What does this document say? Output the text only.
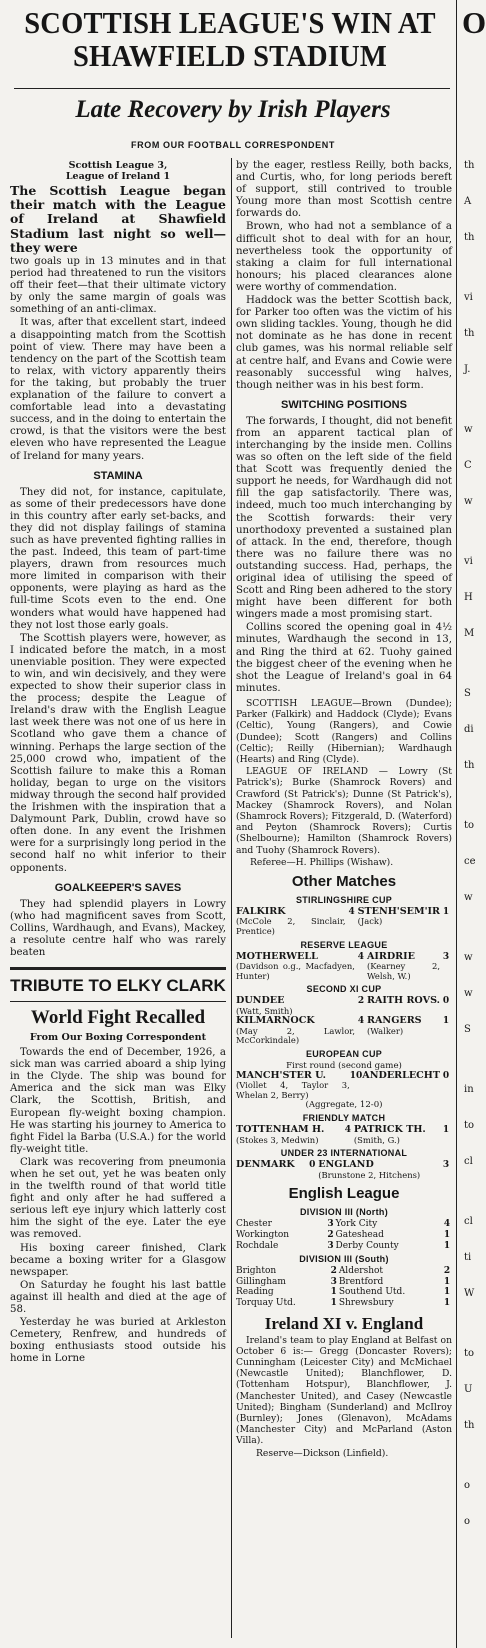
SCOTTISH LEAGUE'S WIN AT
SHAWFIELD STADIUM
Late Recovery by Irish Players
FROM OUR FOOTBALL CORRESPONDENT
Scottish League 3,
League of Ireland 1

The Scottish League began their match with the League of Ireland at Shawfield Stadium last night so well—they were

two goals up in 13 minutes and in that period had threatened to run the visitors off their feet—that their ultimate victory by only the same margin of goals was something of an anti-climax.

It was, after that excellent start, indeed a disappointing match from the Scottish point of view. There may have been a tendency on the part of the Scottish team to relax, with victory apparently theirs for the taking, but probably the truer explanation of the failure to convert a comfortable lead into a devastating success, and in the doing to entertain the crowd, is that the visitors were the best eleven who have represented the League of Ireland for many years.

STAMINA

They did not, for instance, capitulate, as some of their predecessors have done in this country after early set-backs, and they did not display failings of stamina such as have prevented fighting rallies in the past. Indeed, this team of part-time players, drawn from resources much more limited in comparison with their opponents, were playing as hard as the full-time Scots even to the end. One wonders what would have happened had they not lost those early goals.

The Scottish players were, however, as I indicated before the match, in a most unenviable position. They were expected to win, and win decisively, and they were expected to show their superior class in the process; despite the League of Ireland's draw with the English League last week there was not one of us here in Scotland who gave them a chance of winning. Perhaps the large section of the 25,000 crowd who, impatient of the Scottish failure to make this a Roman holiday, began to urge on the visitors midway through the second half provided the Irishmen with the inspiration that a Dalymount Park, Dublin, crowd have so often done. In any event the Irishmen were for a surprisingly long period in the second half no whit inferior to their opponents.

GOALKEEPER'S SAVES

They had splendid players in Lowry (who had magnificent saves from Scott, Collins, Wardhaugh, and Evans), Mackey, a resolute centre half who was rarely beaten

TRIBUTE TO ELKY CLARK
World Fight Recalled
From Our Boxing Correspondent

Towards the end of December, 1926, a sick man was carried aboard a ship lying in the Clyde. The ship was bound for America and the sick man was Elky Clark, the Scottish, British, and European fly-weight boxing champion. He was starting his journey to America to fight Fidel la Barba (U.S.A.) for the world fly-weight title.

Clark was recovering from pneumonia when he set out, yet he was beaten only in the twelfth round of that world title fight and only after he had suffered a serious left eye injury which latterly cost him the sight of the eye. Later the eye was removed.

His boxing career finished, Clark became a boxing writer for a Glasgow newspaper.

On Saturday he fought his last battle against ill health and died at the age of 58.

Yesterday he was buried at Arkleston Cemetery, Renfrew, and hundreds of boxing enthusiasts stood outside his home in Lorne

by the eager, restless Reilly, both backs, and Curtis, who, for long periods bereft of support, still contrived to trouble Young more than most Scottish centre forwards do.

Brown, who had not a semblance of a difficult shot to deal with for an hour, nevertheless took the opportunity of staking a claim for full international honours; his placed clearances alone were worthy of commendation.

Haddock was the better Scottish back, for Parker too often was the victim of his own sliding tackles. Young, though he did not dominate as he has done in recent club games, was his normal reliable self at centre half, and Evans and Cowie were reasonably successful wing halves, though neither was in his best form.

SWITCHING POSITIONS

The forwards, I thought, did not benefit from an apparent tactical plan of interchanging by the inside men. Collins was so often on the left side of the field that Scott was frequently denied the support he needs, for Wardhaugh did not fill the gap satisfactorily. There was, indeed, much too much interchanging by the Scottish forwards: their very unorthodoxy prevented a sustained plan of attack. In the end, therefore, though there was no failure there was no outstanding success. Had, perhaps, the original idea of utilising the speed of Scott and Ring been adhered to the story might have been different for both wingers made a most promising start.

Collins scored the opening goal in 4½ minutes, Wardhaugh the second in 13, and Ring the third at 62. Tuohy gained the biggest cheer of the evening when he shot the League of Ireland's goal in 64 minutes.

SCOTTISH LEAGUE—Brown (Dundee); Parker (Falkirk) and Haddock (Clyde); Evans (Celtic), Young (Rangers), and Cowie (Dundee); Scott (Rangers) and Collins (Celtic); Reilly (Hibernian); Wardhaugh (Hearts) and Ring (Clyde).

LEAGUE OF IRELAND — Lowry (St Patrick's); Burke (Shamrock Rovers) and Crawford (St Patrick's); Dunne (St Patrick's), Mackey (Shamrock Rovers), and Nolan (Shamrock Rovers); Fitzgerald, D. (Waterford) and Peyton (Shamrock Rovers); Curtis (Shelbourne); Hamilton (Shamrock Rovers) and Tuohy (Shamrock Rovers).

Referee—H. Phillips (Wishaw).

Other Matches
STIRLINGSHIRE CUP
FALKIRK	4	STENH'SEM'IR	1
(McCole 2, Sinclair, Prentice)		(Jack)	
RESERVE LEAGUE
MOTHERWELL	4	AIRDRIE	3
(Davidson o.g., Macfadyen, Hunter)		(Kearney 2, Welsh, W.)	
SECOND XI CUP
DUNDEE	2	RAITH ROVS.	0
(Watt, Smith)			
KILMARNOCK	4	RANGERS	1
(May 2, Lawlor, McCorkindale)		(Walker)	
EUROPEAN CUP
First round (second game)
MANCH'STER U.	10	ANDERLECHT	0
(Viollet 4, Taylor 3, Whelan 2, Berry)			
(Aggregate, 12-0)
FRIENDLY MATCH
TOTTENHAM H.	4	PATRICK TH.	1
(Stokes 3, Medwin)		(Smith, G.)	
UNDER 23 INTERNATIONAL
DENMARK	0	ENGLAND	3
		(Brunstone 2, Hitchens)	
English League
DIVISION III (North)
Chester	3	York City	4
Workington	2	Gateshead	1
Rochdale	3	Derby County	1
DIVISION III (South)
Brighton	2	Aldershot	2
Gillingham	3	Brentford	1
Reading	1	Southend Utd.	1
Torquay Utd.	1	Shrewsbury	1
Ireland XI v. England

Ireland's team to play England at Belfast on October 6 is:— Gregg (Doncaster Rovers); Cunningham (Leicester City) and McMichael (Newcastle United); Blanchflower, D. (Tottenham Hotspur), Blanchflower, J. (Manchester United), and Casey (Newcastle United); Bingham (Sunderland) and McIlroy (Burnley); Jones (Glenavon), McAdams (Manchester City) and McParland (Aston Villa).

Reserve—Dickson (Linfield).

O
th
A
th
vi
th
J.
w
C
w
vi
H
M
S
di
th
to
ce
w
w
w
S
in
to
cl
cl
ti
W
to
U
th
o
o
